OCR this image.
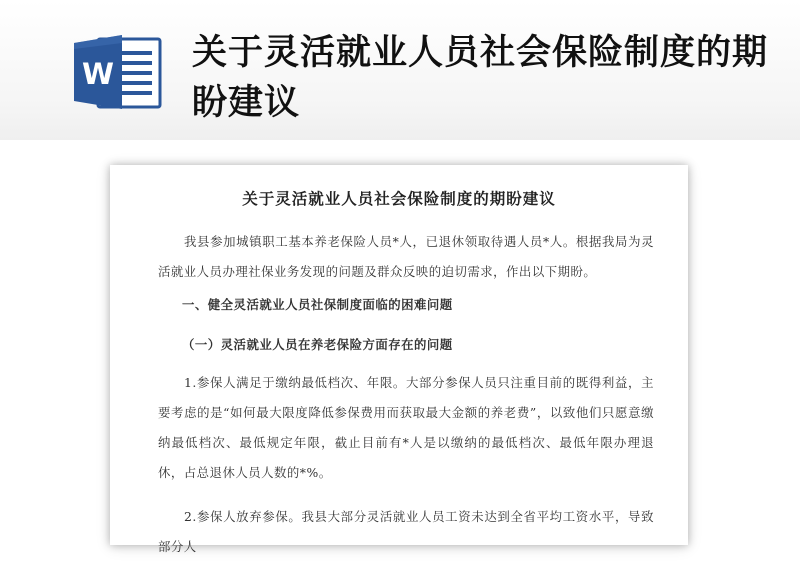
W
关于灵活就业人员社会保险制度的期盼建议
关于灵活就业人员社会保险制度的期盼建议
我县参加城镇职工基本养老保险人员*人，已退休领取待遇人员*人。根据我局为灵活就业人员办理社保业务发现的问题及群众反映的迫切需求，作出以下期盼。
一、健全灵活就业人员社保制度面临的困难问题
（一）灵活就业人员在养老保险方面存在的问题
1.参保人满足于缴纳最低档次、年限。大部分参保人员只注重目前的既得利益，主要考虑的是“如何最大限度降低参保费用而获取最大金额的养老费”，以致他们只愿意缴纳最低档次、最低规定年限，截止目前有*人是以缴纳的最低档次、最低年限办理退休，占总退休人员人数的*%。
2.参保人放弃参保。我县大部分灵活就业人员工资未达到全省平均工资水平，导致部分人
